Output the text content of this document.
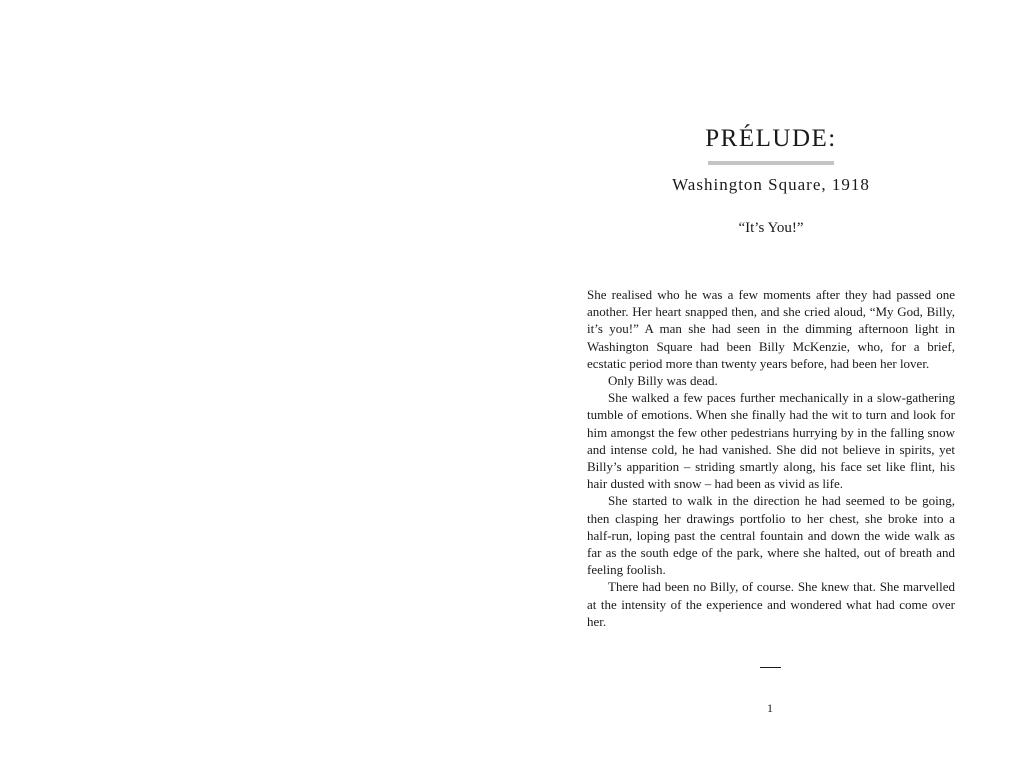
PRÉLUDE:
Washington Square, 1918
“It’s You!”

She realised who he was a few moments after they had passed one another. Her heart snapped then, and she cried aloud, “My God, Billy, it’s you!” A man she had seen in the dimming afternoon light in Washington Square had been Billy McKenzie, who, for a brief, ecstatic period more than twenty years before, had been her lover.

Only Billy was dead.

She walked a few paces further mechanically in a slow-gathering tumble of emotions. When she finally had the wit to turn and look for him amongst the few other pedestrians hurrying by in the falling snow and intense cold, he had vanished. She did not believe in spirits, yet Billy’s apparition – striding smartly along, his face set like flint, his hair dusted with snow – had been as vivid as life.

She started to walk in the direction he had seemed to be going, then clasping her drawings portfolio to her chest, she broke into a half-run, loping past the central fountain and down the wide walk as far as the south edge of the park, where she halted, out of breath and feeling foolish.

There had been no Billy, of course. She knew that. She marvelled at the intensity of the experience and wondered what had come over her.

1
